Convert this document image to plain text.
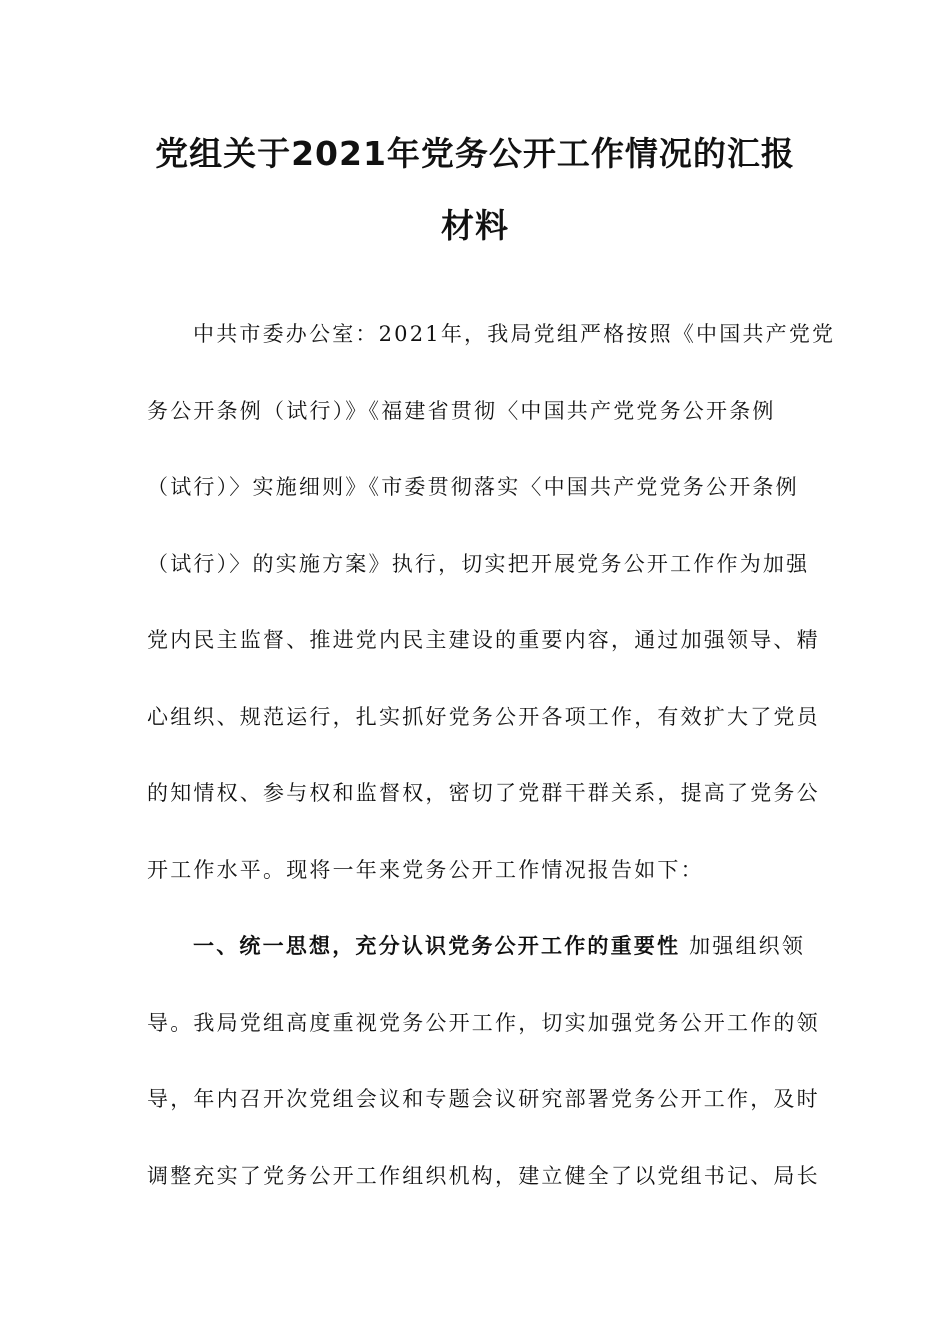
党组关于2021年党务公开工作情况的汇报
材料
中共市委办公室：2021年，我局党组严格按照《中国共产党党
务公开条例（试行）》《福建省贯彻〈中国共产党党务公开条例
（试行）〉实施细则》《市委贯彻落实〈中国共产党党务公开条例
（试行）〉的实施方案》执行，切实把开展党务公开工作作为加强
党内民主监督、推进党内民主建设的重要内容，通过加强领导、精
心组织、规范运行，扎实抓好党务公开各项工作，有效扩大了党员
的知情权、参与权和监督权，密切了党群干群关系，提高了党务公
开工作水平。现将一年来党务公开工作情况报告如下：
一、统一思想，充分认识党务公开工作的重要性 加强组织领
导。我局党组高度重视党务公开工作，切实加强党务公开工作的领
导，年内召开次党组会议和专题会议研究部署党务公开工作，及时
调整充实了党务公开工作组织机构，建立健全了以党组书记、局长
